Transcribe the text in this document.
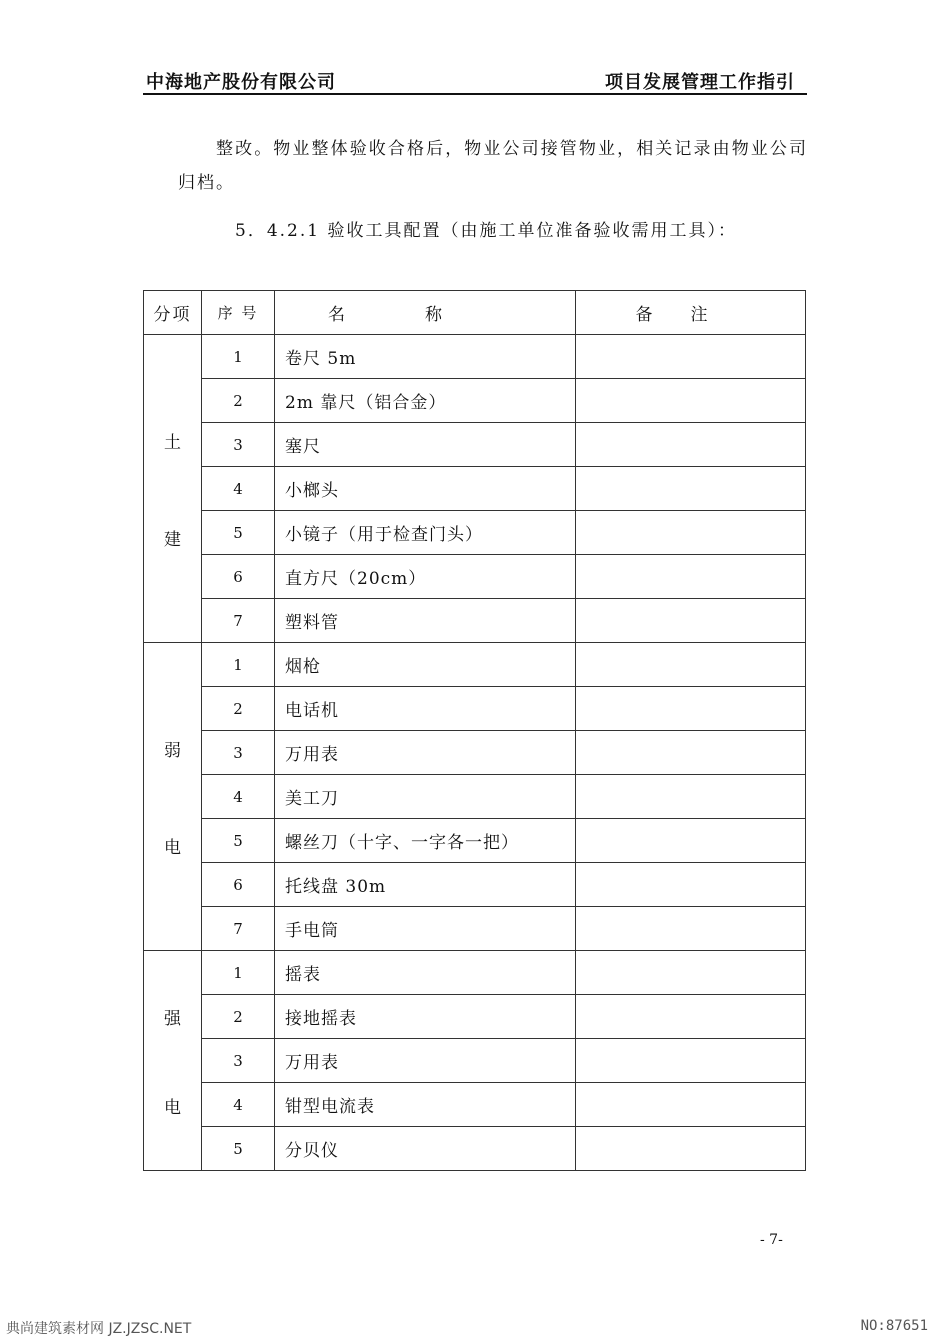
中海地产股份有限公司	项目发展管理工作指引
整改。物业整体验收合格后，物业公司接管物业，相关记录由物业公司归档。
5．4.2.1 验收工具配置（由施工单位准备验收需用工具）：
分项	序 号	名称	备注

土
建	1	卷尺 5m	
	2	2m 靠尺（铝合金）	
	3	塞尺	
	4	小榔头	
	5	小镜子（用于检查门头）	
	6	直方尺（20cm）	
	7	塑料管	

弱
电	1	烟枪	
	2	电话机	
	3	万用表	
	4	美工刀	
	5	螺丝刀（十字、一字各一把）	
	6	托线盘 30m	
	7	手电筒	

强
电	1	摇表	
	2	接地摇表	
	3	万用表	
	4	钳型电流表	
	5	分贝仪	
- 7-
典尚建筑素材网 JZ.JZSC.NET	NO:87651
